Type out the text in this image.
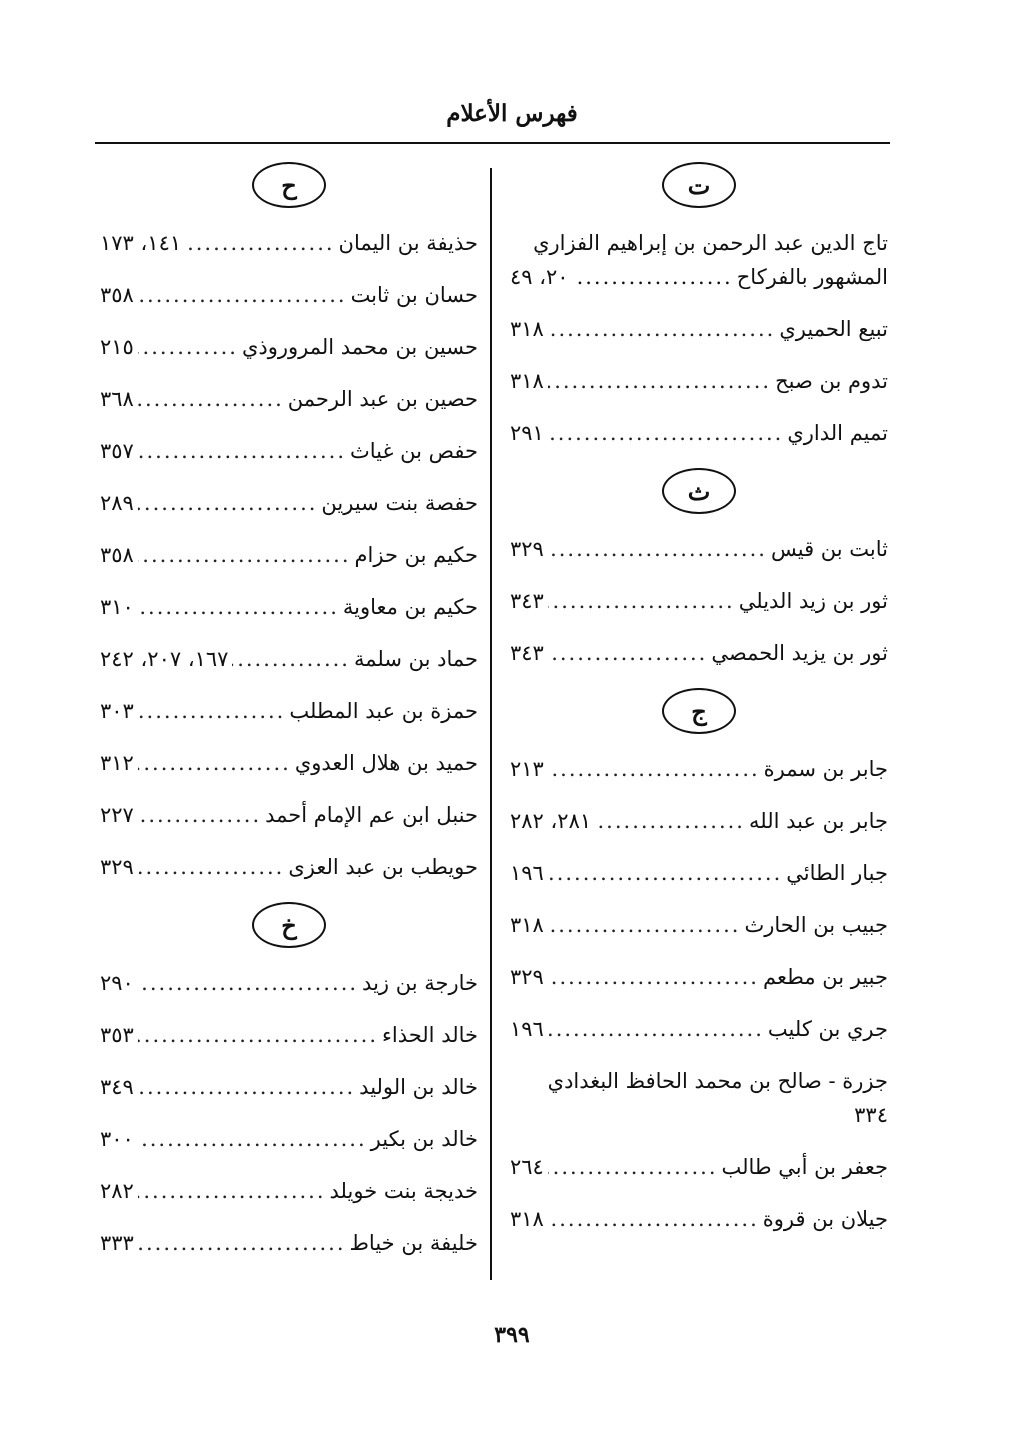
فهرس الأعلام
ت
تاج الدين عبد الرحمن بن إبراهيم الفزاري
المشهور بالفركاح
.....
٢٠، ٤٩
تبيع الحميري
.....
٣١٨
تدوم بن صبح
.....
٣١٨
تميم الداري
.....
٢٩١
ث
ثابت بن قيس
.....
٣٢٩
ثور بن زيد الديلي
.....
٣٤٣
ثور بن يزيد الحمصي
.....
٣٤٣
ج
جابر بن سمرة
.....
٢١٣
جابر بن عبد الله
.....
٢٨١، ٢٨٢
جبار الطائي
.....
١٩٦
جبيب بن الحارث
.....
٣١٨
جبير بن مطعم
.....
٣٢٩
جري بن كليب
.....
١٩٦
جزرة - صالح بن محمد الحافظ البغدادي
٣٣٤
جعفر بن أبي طالب
.....
٢٦٤
جيلان بن قروة
.....
٣١٨
ح
حذيفة بن اليمان
.....
١٤١، ١٧٣
حسان بن ثابت
.....
٣٥٨
حسين بن محمد المروروذي
.....
٢١٥
حصين بن عبد الرحمن
.....
٣٦٨
حفص بن غياث
.....
٣٥٧
حفصة بنت سيرين
.....
٢٨٩
حكيم بن حزام
.....
٣٥٨
حكيم بن معاوية
.....
٣١٠
حماد بن سلمة
.....
١٦٧، ٢٠٧، ٢٤٢
حمزة بن عبد المطلب
.....
٣٠٣
حميد بن هلال العدوي
.....
٣١٢
حنبل ابن عم الإمام أحمد
.....
٢٢٧
حويطب بن عبد العزى
.....
٣٢٩
خ
خارجة بن زيد
.....
٢٩٠
خالد الحذاء
.....
٣٥٣
خالد بن الوليد
.....
٣٤٩
خالد بن بكير
.....
٣٠٠
خديجة بنت خويلد
.....
٢٨٢
خليفة بن خياط
.....
٣٣٣
٣٩٩
